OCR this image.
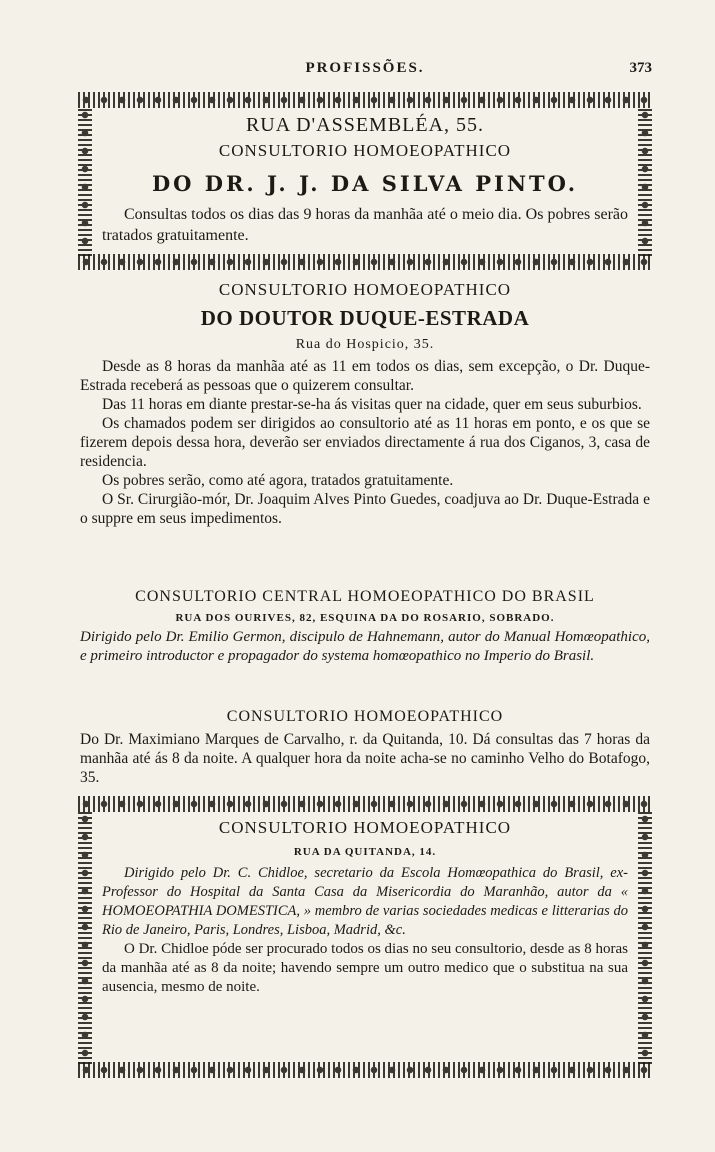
PROFISSÕES.	373
RUA D'ASSEMBLÉA, 55.
CONSULTORIO HOMOEOPATHICO
DO DR. J. J. DA SILVA PINTO.

Consultas todos os dias das 9 horas da manhãa até o meio dia. Os pobres serão tratados gratuitamente.

CONSULTORIO HOMOEOPATHICO
DO DOUTOR DUQUE-ESTRADA
Rua do Hospicio, 35.

Desde as 8 horas da manhãa até as 11 em todos os dias, sem excepção, o Dr. Duque-Estrada receberá as pessoas que o quizerem consultar.

Das 11 horas em diante prestar-se-ha ás visitas quer na cidade, quer em seus suburbios.

Os chamados podem ser dirigidos ao consultorio até as 11 horas em ponto, e os que se fizerem depois dessa hora, deverão ser enviados directamente á rua dos Ciganos, 3, casa de residencia.

Os pobres serão, como até agora, tratados gratuitamente.

O Sr. Cirurgião-mór, Dr. Joaquim Alves Pinto Guedes, coadjuva ao Dr. Duque-Estrada e o suppre em seus impedimentos.

CONSULTORIO CENTRAL HOMOEOPATHICO DO BRASIL
RUA DOS OURIVES, 82, ESQUINA DA DO ROSARIO, SOBRADO.

Dirigido pelo Dr. Emilio Germon, discipulo de Hahnemann, autor do Manual Homœopathico, e primeiro introductor e propagador do systema homœopathico no Imperio do Brasil.

CONSULTORIO HOMOEOPATHICO

Do Dr. Maximiano Marques de Carvalho, r. da Quitanda, 10. Dá consultas das 7 horas da manhãa até ás 8 da noite. A qualquer hora da noite acha-se no caminho Velho do Botafogo, 35.

CONSULTORIO HOMOEOPATHICO
RUA DA QUITANDA, 14.

Dirigido pelo Dr. C. Chidloe, secretario da Escola Homœopathica do Brasil, ex-Professor do Hospital da Santa Casa da Misericordia do Maranhão, autor da « HOMOEOPATHIA DOMESTICA, » membro de varias sociedades medicas e litterarias do Rio de Janeiro, Paris, Londres, Lisboa, Madrid, &c.

O Dr. Chidloe póde ser procurado todos os dias no seu consultorio, desde as 8 horas da manhãa até as 8 da noite; havendo sempre um outro medico que o substitua na sua ausencia, mesmo de noite.
